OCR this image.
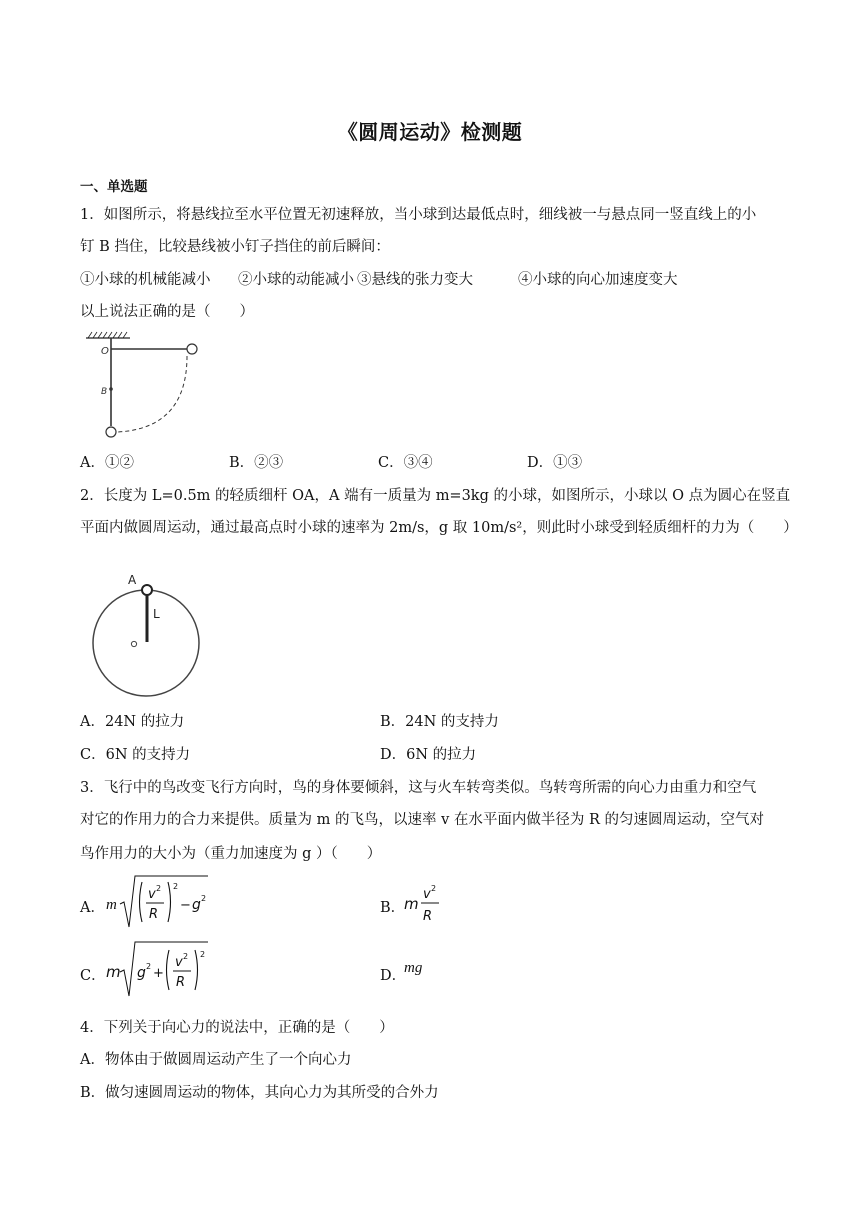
《圆周运动》检测题
一、单选题
1．如图所示，将悬线拉至水平位置无初速释放，当小球到达最低点时，细线被一与悬点同一竖直线上的小
钉 B 挡住，比较悬线被小钉子挡住的前后瞬间：
①小球的机械能减小 ②小球的动能减小 ③悬线的张力变大	④小球的向心加速度变大
以上说法正确的是（　　）
O
B
A．①②	B．②③	C．③④	D．①③
2．长度为 L=0.5m 的轻质细杆 OA，A 端有一质量为 m=3kg 的小球，如图所示，小球以 O 点为圆心在竖直
平面内做圆周运动，通过最高点时小球的速率为 2m/s，g 取 10m/s²，则此时小球受到轻质细杆的力为（　　）
A
L
A．24N 的拉力	B．24N 的支持力
C．6N 的支持力	D．6N 的拉力
3．飞行中的鸟改变飞行方向时，鸟的身体要倾斜，这与火车转弯类似。鸟转弯所需的向心力由重力和空气
对它的作用力的合力来提供。质量为 m 的飞鸟，以速率 v 在水平面内做半径为 R 的匀速圆周运动，空气对
鸟作用力的大小为（重力加速度为 g ）（　　）
A． m
v 2
R
2
− g 2
B．
m
v 2
R
C． m g 2 +
v 2
R
2
D．
mg
4．下列关于向心力的说法中，正确的是（　　）
A．物体由于做圆周运动产生了一个向心力
B．做匀速圆周运动的物体，其向心力为其所受的合外力
